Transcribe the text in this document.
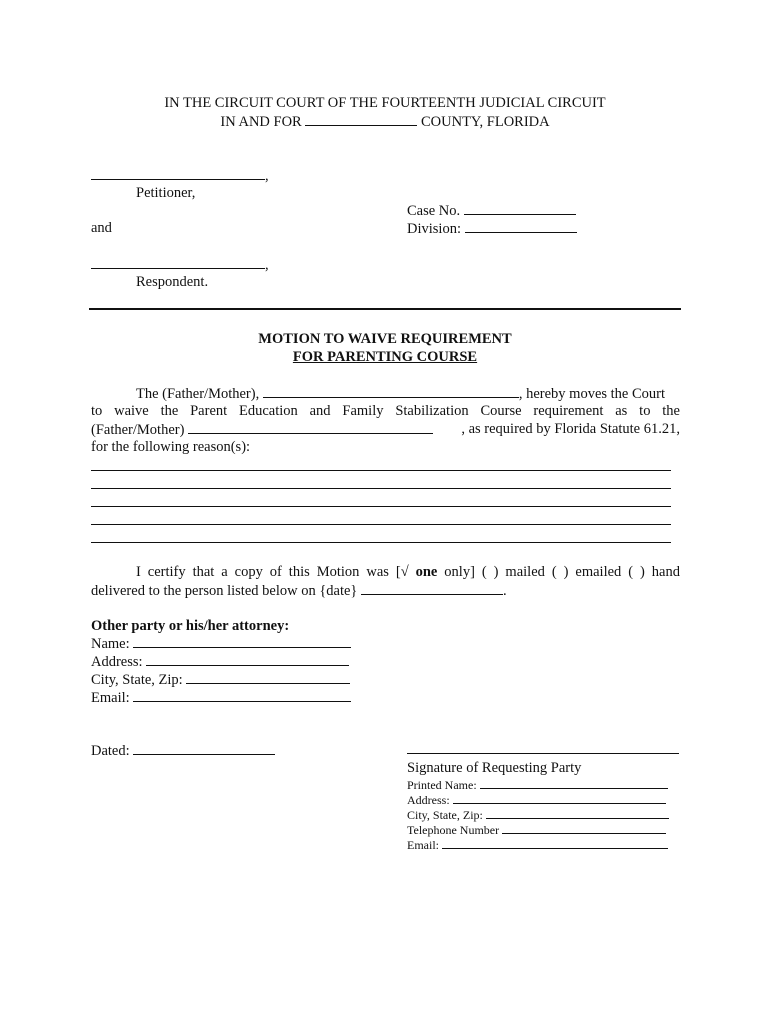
IN THE CIRCUIT COURT OF THE FOURTEENTH JUDICIAL CIRCUIT
IN AND FOR	COUNTY, FLORIDA
,
Petitioner,
and
,
Respondent.
Case No.
Division:
MOTION TO WAIVE REQUIREMENT
FOR PARENTING COURSE
The (Father/Mother),	, hereby moves the Court
to waive the Parent Education and Family Stabilization Course requirement as to the
(Father/Mother)	, as required by Florida Statute 61.21,
for the following reason(s):
I certify that a copy of this Motion was [√ one only] ( ) mailed ( ) emailed ( ) hand
delivered to the person listed below on {date}	.
Other party or his/her attorney:
Name:
Address:
City, State, Zip:
Email:
Dated:
Signature of Requesting Party
Printed Name:
Address:
City, State, Zip:
Telephone Number
Email:
